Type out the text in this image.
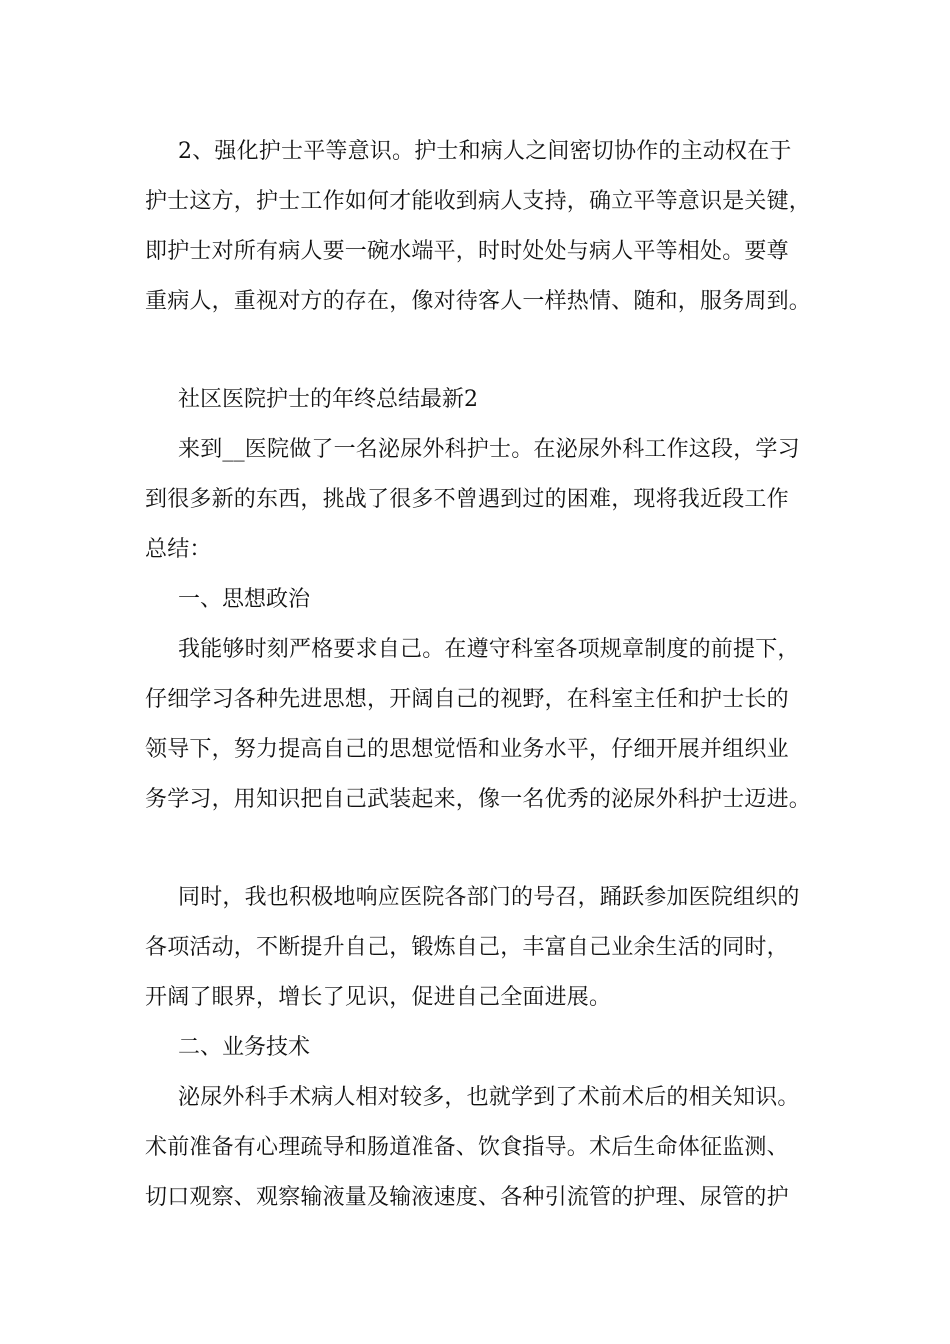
2、强化护士平等意识。护士和病人之间密切协作的主动权在于
护士这方，护士工作如何才能收到病人支持，确立平等意识是关键，
即护士对所有病人要一碗水端平，时时处处与病人平等相处。要尊
重病人，重视对方的存在，像对待客人一样热情、随和，服务周到。
社区医院护士的年终总结最新2
来到__医院做了一名泌尿外科护士。在泌尿外科工作这段，学习
到很多新的东西，挑战了很多不曾遇到过的困难，现将我近段工作
总结：
一、思想政治
我能够时刻严格要求自己。在遵守科室各项规章制度的前提下，
仔细学习各种先进思想，开阔自己的视野，在科室主任和护士长的
领导下，努力提高自己的思想觉悟和业务水平，仔细开展并组织业
务学习，用知识把自己武装起来，像一名优秀的泌尿外科护士迈进。
同时，我也积极地响应医院各部门的号召，踊跃参加医院组织的
各项活动，不断提升自己，锻炼自己，丰富自己业余生活的同时，
开阔了眼界，增长了见识，促进自己全面进展。
二、业务技术
泌尿外科手术病人相对较多，也就学到了术前术后的相关知识。
术前准备有心理疏导和肠道准备、饮食指导。术后生命体征监测、
切口观察、观察输液量及输液速度、各种引流管的护理、尿管的护
